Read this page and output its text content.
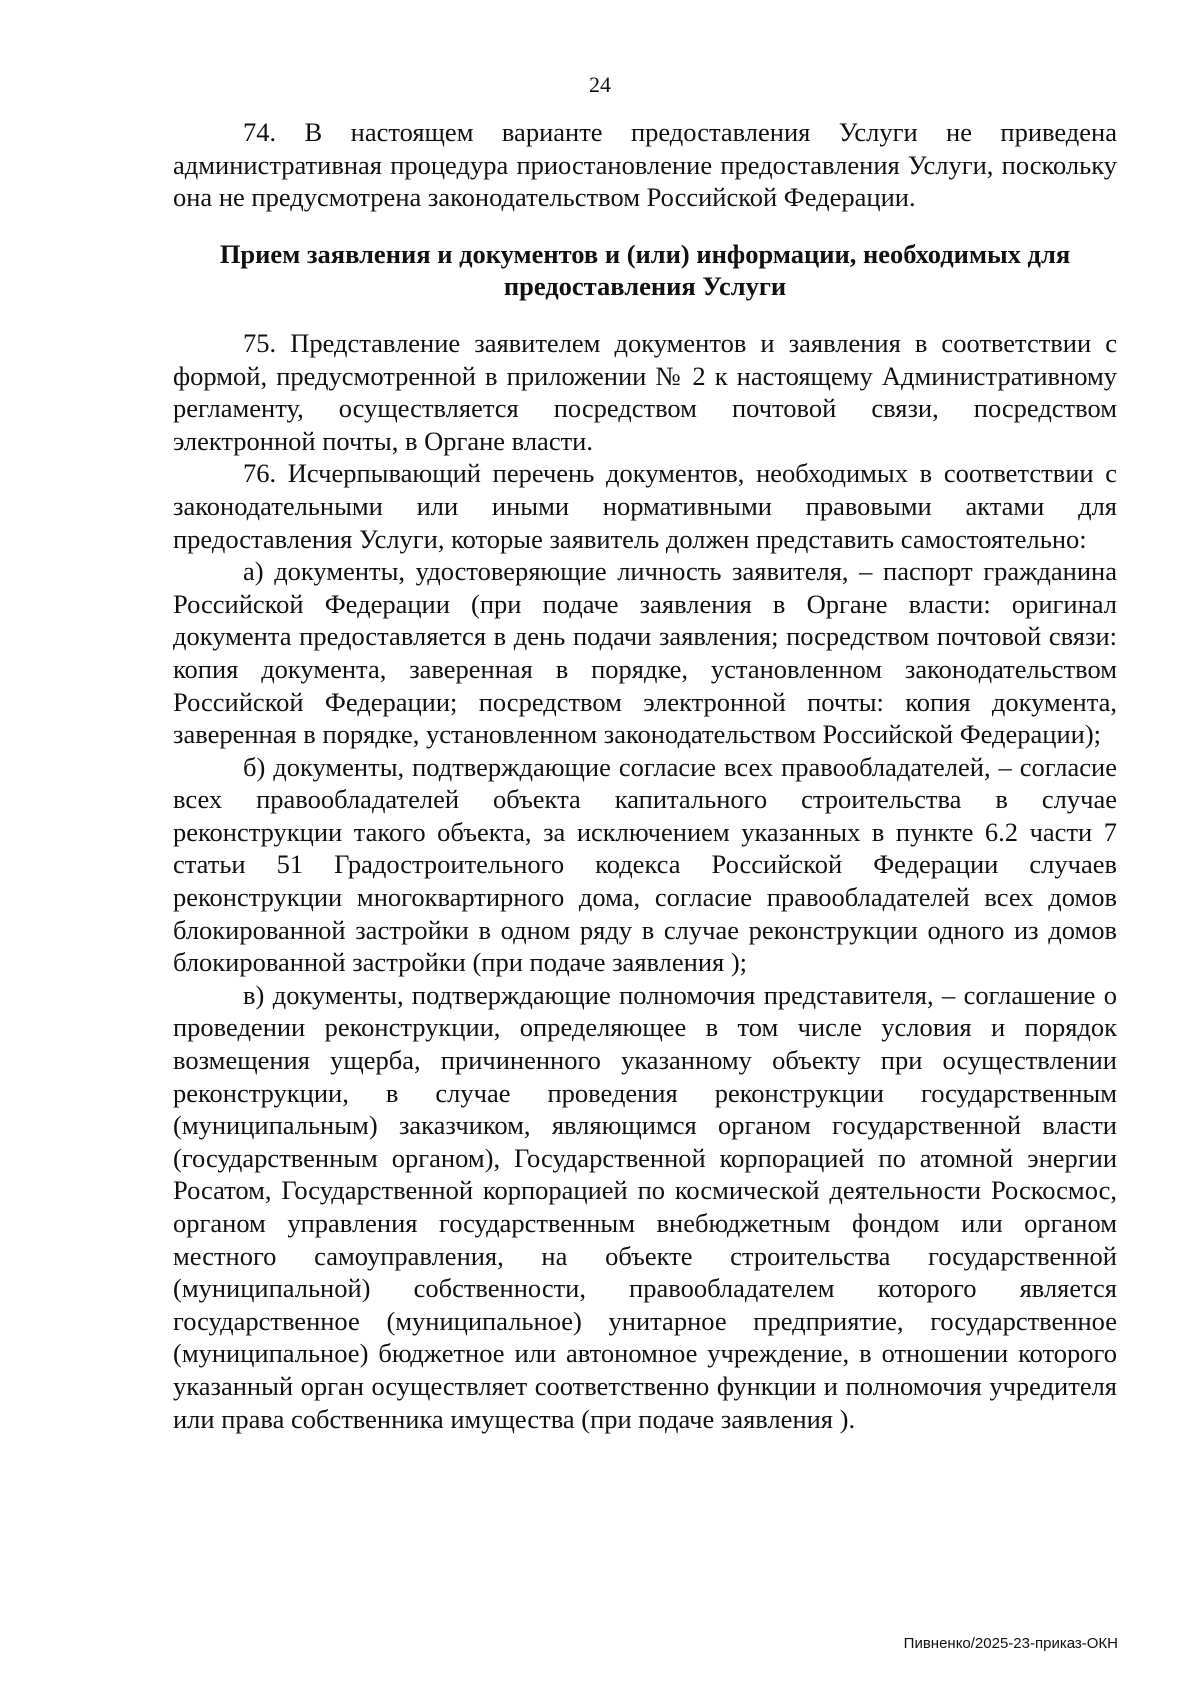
24

74. В настоящем варианте предоставления Услуги не приведена административная процедура приостановление предоставления Услуги, поскольку она не предусмотрена законодательством Российской Федерации.

Прием заявления и документов и (или) информации, необходимых для предоставления Услуги

75. Представление заявителем документов и заявления в соответствии с формой, предусмотренной в приложении № 2 к настоящему Административному регламенту, осуществляется посредством почтовой связи, посредством электронной почты, в Органе власти.

76. Исчерпывающий перечень документов, необходимых в соответствии с законодательными или иными нормативными правовыми актами для предоставления Услуги, которые заявитель должен представить самостоятельно:

а) документы, удостоверяющие личность заявителя, – паспорт гражданина Российской Федерации (при подаче заявления в Органе власти: оригинал документа предоставляется в день подачи заявления; посредством почтовой связи: копия документа, заверенная в порядке, установленном законодательством Российской Федерации; посредством электронной почты: копия документа, заверенная в порядке, установленном законодательством Российской Федерации);

б) документы, подтверждающие согласие всех правообладателей, – согласие всех правообладателей объекта капитального строительства в случае реконструкции такого объекта, за исключением указанных в пункте 6.2 части 7 статьи 51 Градостроительного кодекса Российской Федерации случаев реконструкции многоквартирного дома, согласие правообладателей всех домов блокированной застройки в одном ряду в случае реконструкции одного из домов блокированной застройки (при подаче заявления );

в) документы, подтверждающие полномочия представителя, – соглашение о проведении реконструкции, определяющее в том числе условия и порядок возмещения ущерба, причиненного указанному объекту при осуществлении реконструкции, в случае проведения реконструкции государственным (муниципальным) заказчиком, являющимся органом государственной власти (государственным органом), Государственной корпорацией по атомной энергии Росатом, Государственной корпорацией по космической деятельности Роскосмос, органом управления государственным внебюджетным фондом или органом местного самоуправления, на объекте строительства государственной (муниципальной) собственности, правообладателем которого является государственное (муниципальное) унитарное предприятие, государственное (муниципальное) бюджетное или автономное учреждение, в отношении которого указанный орган осуществляет соответственно функции и полномочия учредителя или права собственника имущества (при подаче заявления ).

Пивненко/2025-23-приказ-ОКН
